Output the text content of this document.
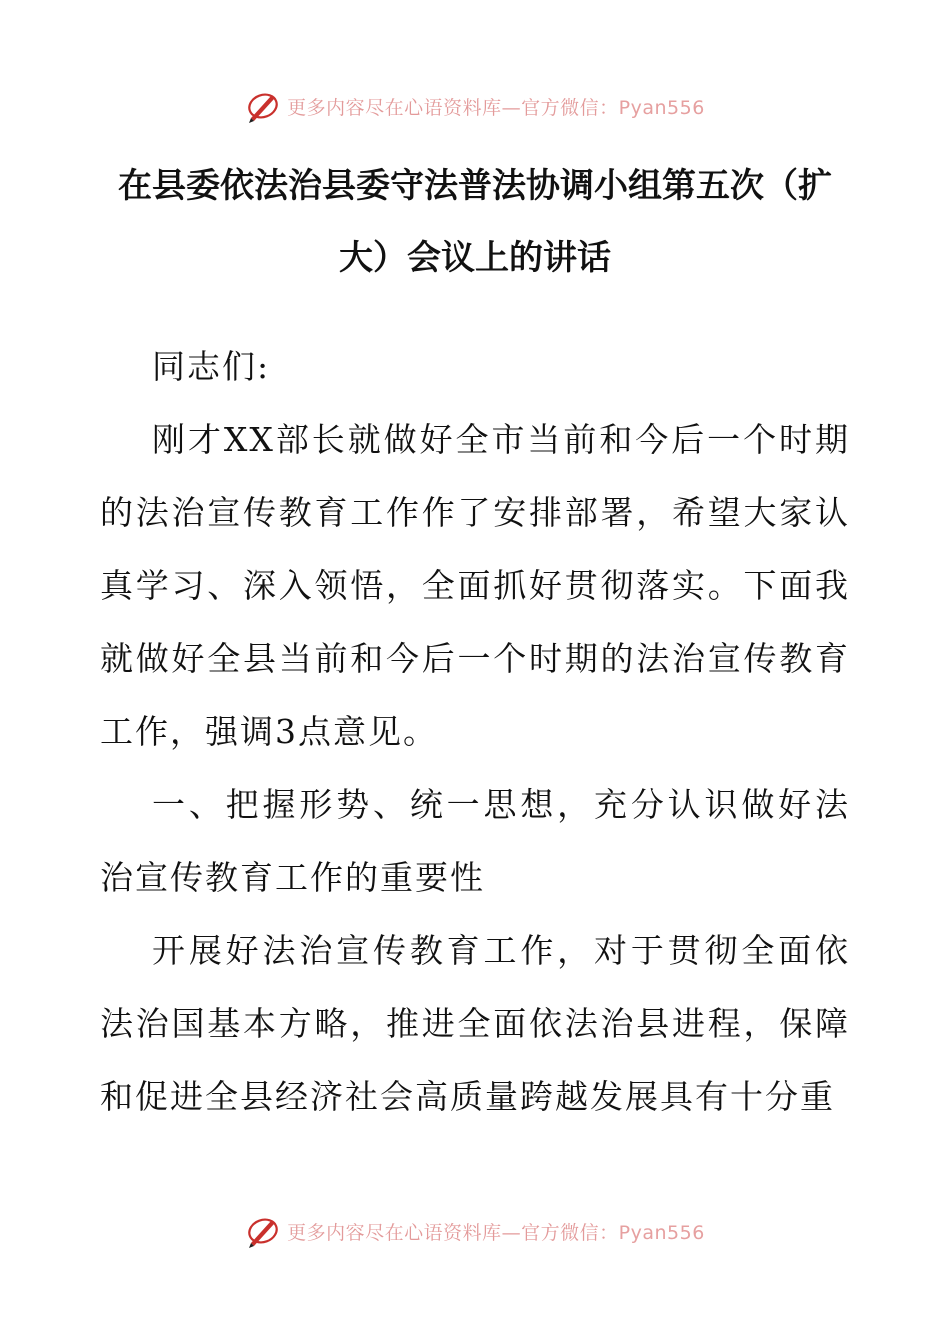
更多内容尽在心语资料库—官方微信：Pyan556
在县委依法治县委守法普法协调小组第五次（扩大）会议上的讲话

同志们:

刚才XX部长就做好全市当前和今后一个时期的法治宣传教育工作作了安排部署，希望大家认真学习、深入领悟，全面抓好贯彻落实。下面我就做好全县当前和今后一个时期的法治宣传教育工作，强调3点意见。

一、把握形势、统一思想，充分认识做好法治宣传教育工作的重要性

开展好法治宣传教育工作，对于贯彻全面依法治国基本方略，推进全面依法治县进程，保障和促进全县经济社会高质量跨越发展具有十分重

更多内容尽在心语资料库—官方微信：Pyan556
